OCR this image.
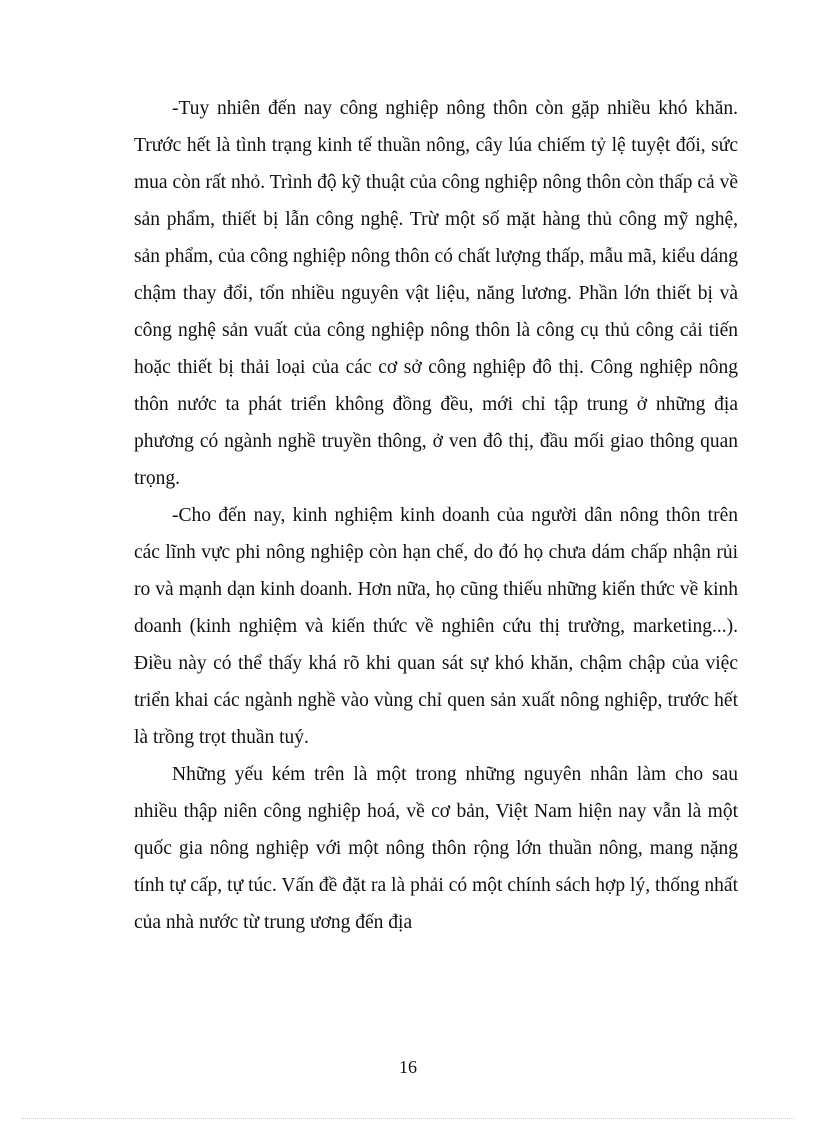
-Tuy nhiên đến nay công nghiệp nông thôn còn gặp nhiều khó khăn. Trước hết là tình trạng kinh tế thuần nông, cây lúa chiếm tỷ lệ tuyệt đối, sức mua còn rất nhỏ. Trình độ kỹ thuật của công nghiệp nông thôn còn thấp cả về sản phẩm, thiết bị lẫn công nghệ. Trừ một số mặt hàng thủ công mỹ nghệ, sản phẩm, của công nghiệp nông thôn có chất lượng thấp, mẫu mã, kiểu dáng chậm thay đổi, tốn nhiều nguyên vật liệu, năng lương. Phần lớn thiết bị và công nghệ sản vuất của công nghiệp nông thôn là công cụ thủ công cải tiến hoặc thiết bị thải loại của các cơ sở công nghiệp đô thị. Công nghiệp nông thôn nước ta phát triển không đồng đều, mới chỉ tập trung ở những địa phương có ngành nghề truyền thông, ở ven đô thị, đầu mối giao thông quan trọng.

-Cho đến nay, kinh nghiệm kinh doanh của người dân nông thôn trên các lĩnh vực phi nông nghiệp còn hạn chế, do đó họ chưa dám chấp nhận rủi ro và mạnh dạn kinh doanh. Hơn nữa, họ cũng thiếu những kiến thức về kinh doanh (kinh nghiệm và kiến thức về nghiên cứu thị trường, marketing...). Điều này có thể thấy khá rõ khi quan sát sự khó khăn, chậm chập của việc triển khai các ngành nghề vào vùng chỉ quen sản xuất nông nghiệp, trước hết là trồng trọt thuần tuý.

Những yếu kém trên là một trong những nguyên nhân làm cho sau nhiều thập niên công nghiệp hoá, về cơ bản, Việt Nam hiện nay vẫn là một quốc gia nông nghiệp với một nông thôn rộng lớn thuần nông, mang nặng tính tự cấp, tự túc. Vấn đề đặt ra là phải có một chính sách hợp lý, thống nhất của nhà nước từ trung ương đến địa

16
